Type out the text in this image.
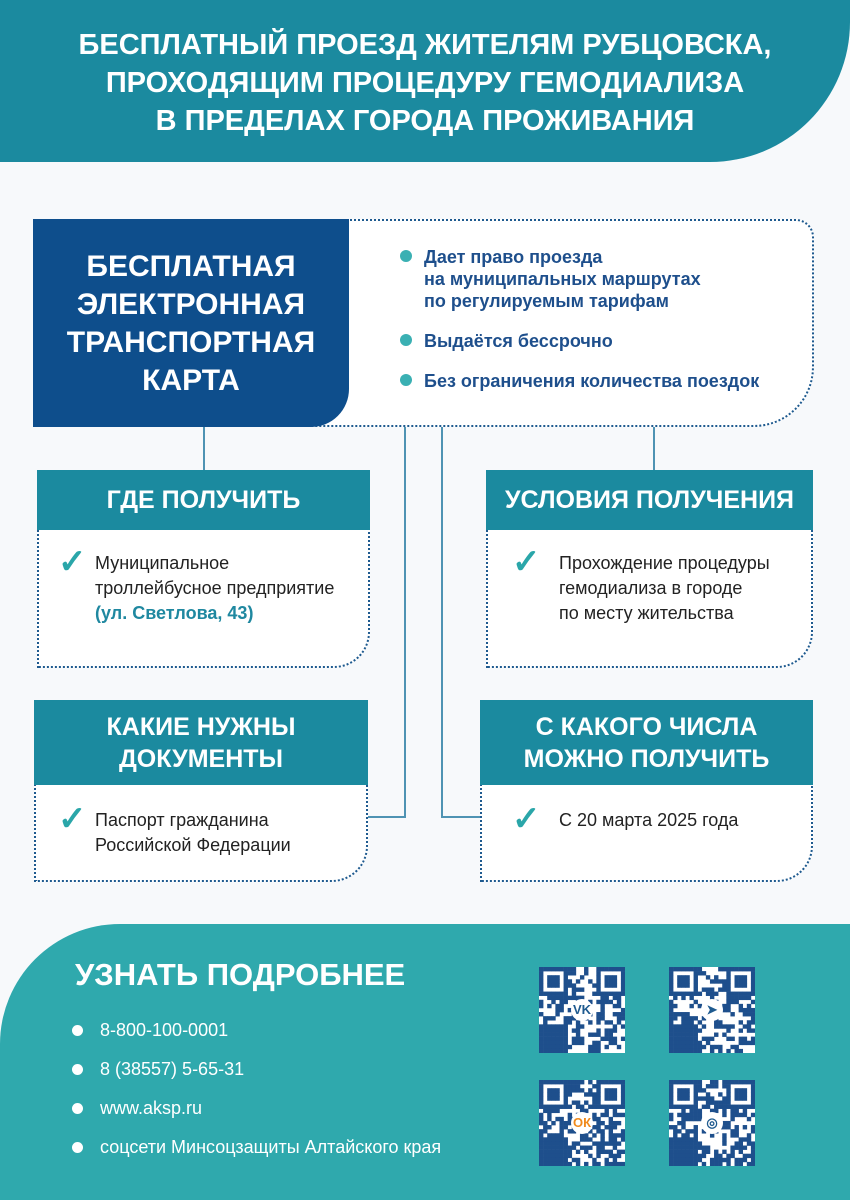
БЕСПЛАТНЫЙ ПРОЕЗД ЖИТЕЛЯМ РУБЦОВСКА,
ПРОХОДЯЩИМ ПРОЦЕДУРУ ГЕМОДИАЛИЗА
В ПРЕДЕЛАХ ГОРОДА ПРОЖИВАНИЯ
БЕСПЛАТНАЯ
ЭЛЕКТРОННАЯ
ТРАНСПОРТНАЯ
КАРТА
Дает право проезда
на муниципальных маршрутах
по регулируемым тарифам
Выдаётся бессрочно
Без ограничения количества поездок
ГДЕ ПОЛУЧИТЬ
✓ Муниципальное
троллейбусное предприятие
(ул. Светлова, 43)
УСЛОВИЯ ПОЛУЧЕНИЯ
✓ Прохождение процедуры
гемодиализа в городе
по месту жительства
КАКИЕ НУЖНЫ
ДОКУМЕНТЫ
✓ Паспорт гражданина
Российской Федерации
С КАКОГО ЧИСЛА
МОЖНО ПОЛУЧИТЬ
✓ С 20 марта 2025 года
УЗНАТЬ ПОДРОБНЕЕ
8-800-100-0001
8 (38557) 5-65-31
www.aksp.ru
соцсети Минсоцзащиты Алтайского края
VK	➤
ОК	◎
